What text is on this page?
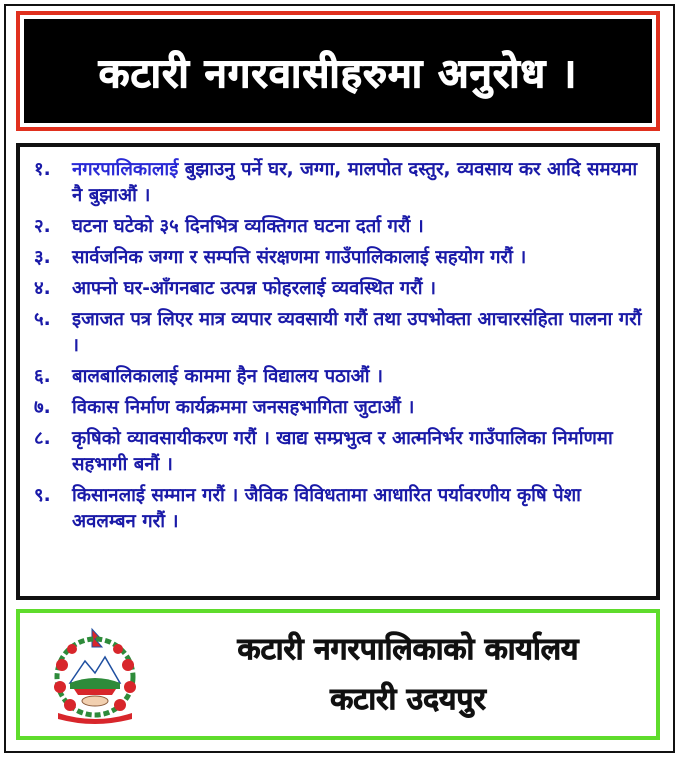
कटारी नगरवासीहरुमा अनुरोध ।
१.	नगरपालिकालाई बुझाउनु पर्ने घर, जग्गा, मालपोत दस्तुर, व्यवसाय कर आदि समयमा नै बुझाऔं ।
२.	घटना घटेको ३५ दिनभित्र व्यक्तिगत घटना दर्ता गरौं ।
३.	सार्वजनिक जग्गा र सम्पत्ति संरक्षणमा गाउँपालिकालाई सहयोग गरौं ।
४.	आफ्नो घर-आँगनबाट उत्पन्न फोहरलाई व्यवस्थित गरौं ।
५.	इजाजत पत्र लिएर मात्र व्यपार व्यवसायी गरौं तथा उपभोक्ता आचारसंहिता पालना गरौं ।
६.	बालबालिकालाई काममा हैन विद्यालय पठाऔं ।
७.	विकास निर्माण कार्यक्रममा जनसहभागिता जुटाऔं ।
८.	कृषिको व्यावसायीकरण गरौं । खाद्य सम्प्रभुत्व र आत्मनिर्भर गाउँपालिका निर्माणमा सहभागी बनौं ।
९.	किसानलाई सम्मान गरौं । जैविक विविधतामा आधारित पर्यावरणीय कृषि पेशा अवलम्बन गरौं ।
कटारी नगरपालिकाको कार्यालय
कटारी उदयपुर
